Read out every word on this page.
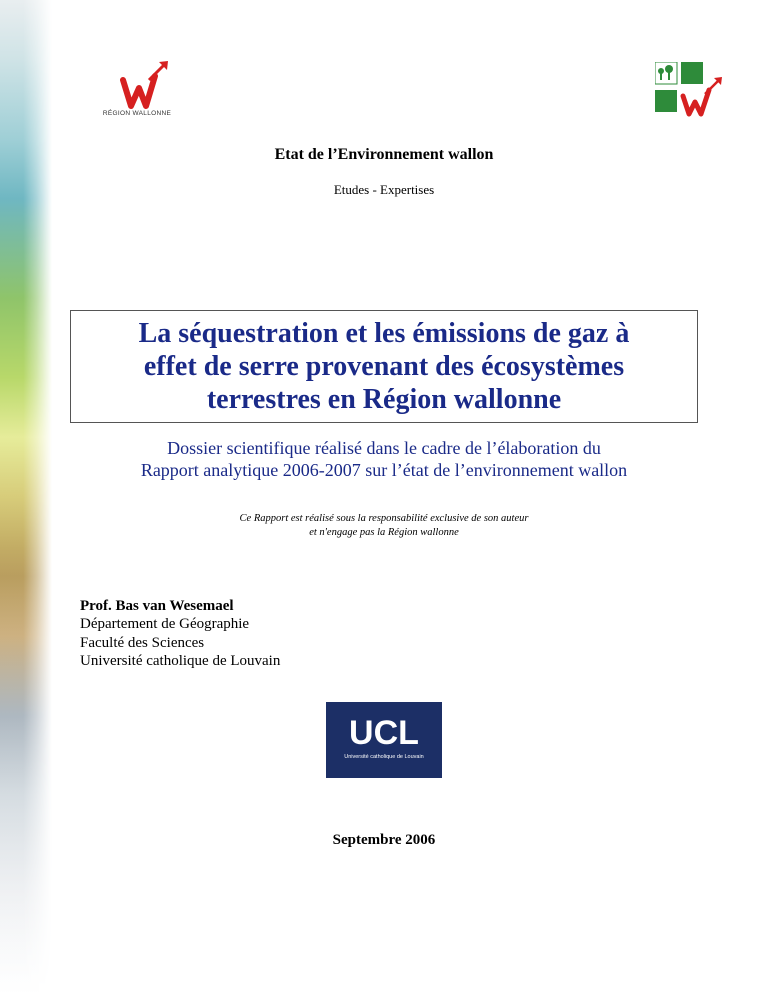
RÉGION WALLONNE
Etat de l’Environnement wallon
Etudes - Expertises
La séquestration et les émissions de gaz à
effet de serre provenant des écosystèmes
terrestres en Région wallonne
Dossier scientifique réalisé dans le cadre de l’élaboration du
Rapport analytique 2006-2007 sur l’état de l’environnement wallon
Ce Rapport est réalisé sous la responsabilité exclusive de son auteur
et n'engage pas la Région wallonne
Prof. Bas van Wesemael
Département de Géographie
Faculté des Sciences
Université catholique de Louvain
UCL
Université catholique de Louvain
Septembre 2006
